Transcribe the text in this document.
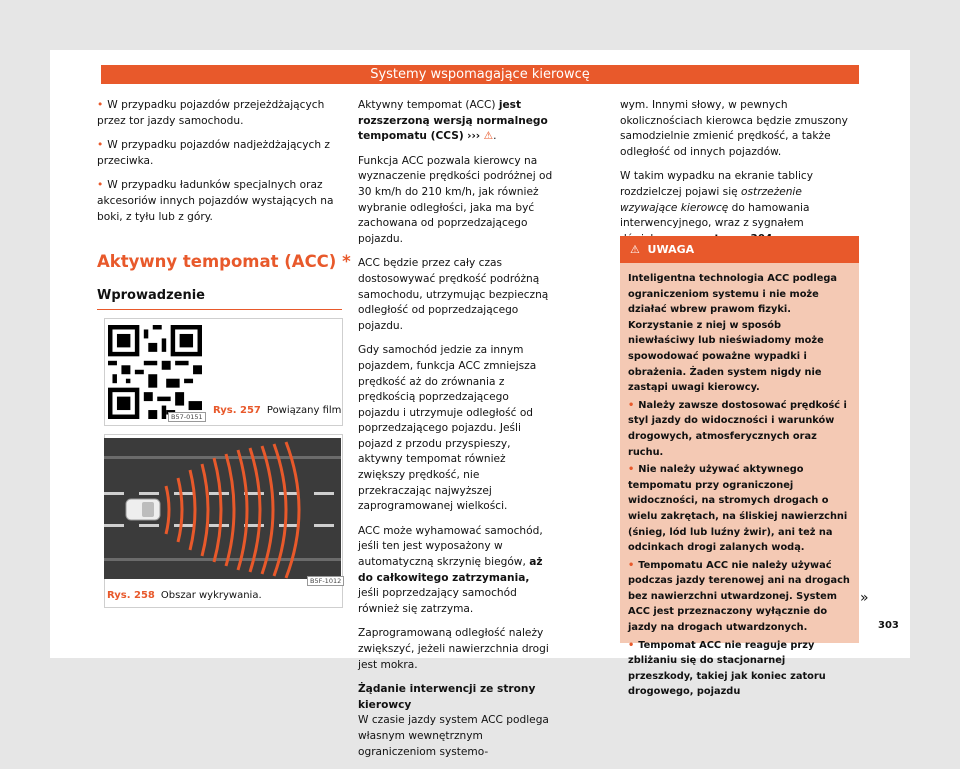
Systemy wspomagające kierowcę

• W przypadku pojazdów przejeżdżających przez tor jazdy samochodu.

• W przypadku pojazdów nadjeżdżających z przeciwka.

• W przypadku ładunków specjalnych oraz akcesoriów innych pojazdów wystających na boki, z tyłu lub z góry.

Aktywny tempomat (ACC) *
Wprowadzenie
B57-0151
Rys. 257 Powiązany film
B5F-1012
Rys. 258 Obszar wykrywania.

Aktywny tempomat (ACC) jest rozszerzoną wersją normalnego tempomatu (CCS) ››› ⚠.

Funkcja ACC pozwala kierowcy na wyznaczenie prędkości podróżnej od 30 km/h do 210 km/h, jak również wybranie odległości, jaka ma być zachowana od poprzedzającego pojazdu.

ACC będzie przez cały czas dostosowywać prędkość podróżną samochodu, utrzymując bezpieczną odległość od poprzedzającego pojazdu.

Gdy samochód jedzie za innym pojazdem, funkcja ACC zmniejsza prędkość aż do zrównania z prędkością poprzedzającego pojazdu i utrzymuje odległość od poprzedzającego pojazdu. Jeśli pojazd z przodu przyspieszy, aktywny tempomat również zwiększy prędkość, nie przekraczając najwyższej zaprogramowanej wielkości.

ACC może wyhamować samochód, jeśli ten jest wyposażony w automatyczną skrzynię biegów, aż do całkowitego zatrzymania, jeśli poprzedzający samochód również się zatrzyma.

Zaprogramowaną odległość należy zwiększyć, jeżeli nawierzchnia drogi jest mokra.

Żądanie interwencji ze strony kierowcy

W czasie jazdy system ACC podlega własnym wewnętrznym ograniczeniom systemo-

wym. Innymi słowy, w pewnych okolicznościach kierowca będzie zmuszony samodzielnie zmienić prędkość, a także odległość od innych pojazdów.

W takim wypadku na ekranie tablicy rozdzielczej pojawi się ostrzeżenie wzywające kierowcę do hamowania interwencyjnego, wraz z sygnałem

⚠ UWAGA

Inteligentna technologia ACC podlega ograniczeniom systemu i nie może działać wbrew prawom fizyki. Korzystanie z niej w sposób niewłaściwy lub nieświadomy może spowodować poważne wypadki i obrażenia. Żaden system nigdy nie zastąpi uwagi kierowcy.

• Należy zawsze dostosować prędkość i styl jazdy do widoczności i warunków drogowych, atmosferycznych oraz ruchu.

• Nie należy używać aktywnego tempomatu przy ograniczonej widoczności, na stromych drogach o wielu zakrętach, na śliskiej nawierzchni (śnieg, lód lub luźny żwir), ani też na odcinkach drogi zalanych wodą.

• Tempomatu ACC nie należy używać podczas jazdy terenowej ani na drogach bez nawierzchni utwardzonej. System ACC jest przeznaczony wyłącznie do jazdy na drogach utwardzonych.

• Tempomat ACC nie reaguje przy zbliżaniu się do stacjonarnej przeszkody, takiej jak koniec zatoru drogowego, pojazdu

»
303
